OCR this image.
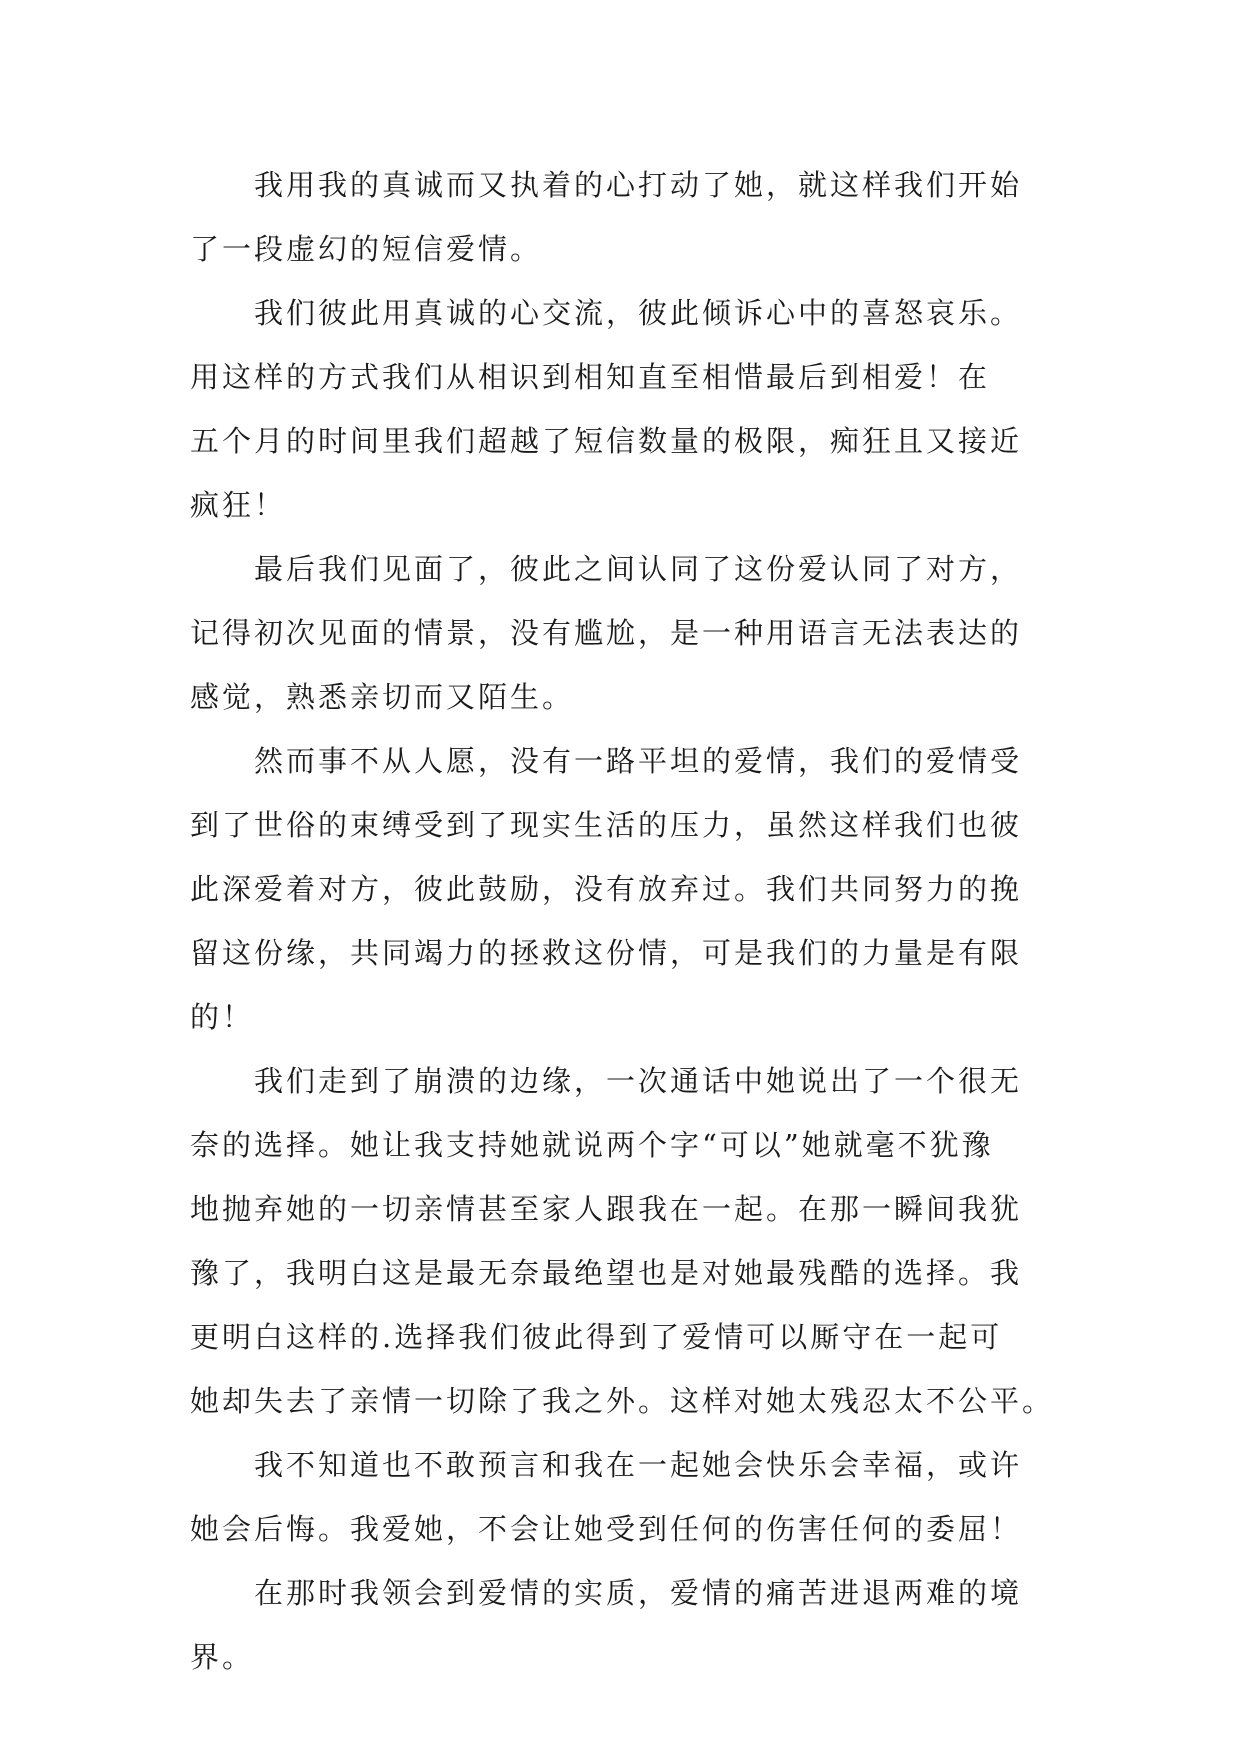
我用我的真诚而又执着的心打动了她，就这样我们开始
了一段虚幻的短信爱情。

我们彼此用真诚的心交流，彼此倾诉心中的喜怒哀乐。
用这样的方式我们从相识到相知直至相惜最后到相爱！在
五个月的时间里我们超越了短信数量的极限，痴狂且又接近
疯狂！

最后我们见面了，彼此之间认同了这份爱认同了对方，
记得初次见面的情景，没有尴尬，是一种用语言无法表达的
感觉，熟悉亲切而又陌生。

然而事不从人愿，没有一路平坦的爱情，我们的爱情受
到了世俗的束缚受到了现实生活的压力，虽然这样我们也彼
此深爱着对方，彼此鼓励，没有放弃过。我们共同努力的挽
留这份缘，共同竭力的拯救这份情，可是我们的力量是有限
的！

我们走到了崩溃的边缘，一次通话中她说出了一个很无
奈的选择。她让我支持她就说两个字“可以”她就毫不犹豫
地抛弃她的一切亲情甚至家人跟我在一起。在那一瞬间我犹
豫了，我明白这是最无奈最绝望也是对她最残酷的选择。我
更明白这样的.选择我们彼此得到了爱情可以厮守在一起可
她却失去了亲情一切除了我之外。这样对她太残忍太不公平。

我不知道也不敢预言和我在一起她会快乐会幸福，或许
她会后悔。我爱她，不会让她受到任何的伤害任何的委屈！

在那时我领会到爱情的实质，爱情的痛苦进退两难的境
界。
